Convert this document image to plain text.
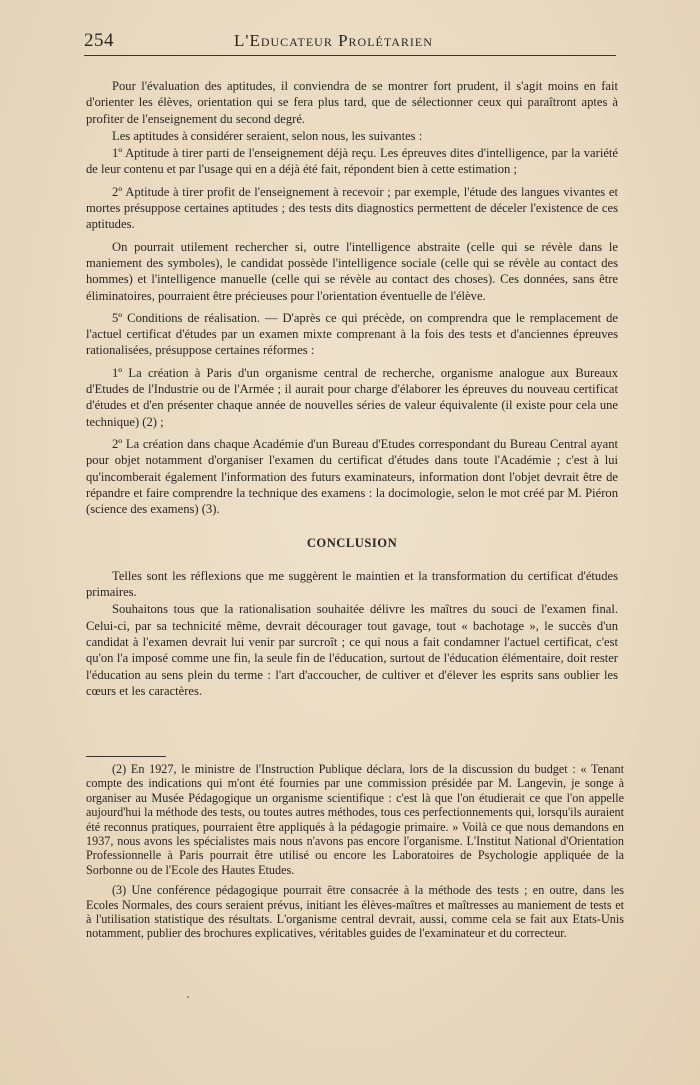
254	L'Educateur Prolétarien

Pour l'évaluation des aptitudes, il conviendra de se montrer fort prudent, il s'agit moins en fait d'orienter les élèves, orientation qui se fera plus tard, que de sélectionner ceux qui paraîtront aptes à profiter de l'enseignement du second degré.

Les aptitudes à considérer seraient, selon nous, les suivantes :

1º Aptitude à tirer parti de l'enseignement déjà reçu. Les épreuves dites d'intelligence, par la variété de leur contenu et par l'usage qui en a déjà été fait, répondent bien à cette estimation ;

2º Aptitude à tirer profit de l'enseignement à recevoir ; par exemple, l'étude des langues vivantes et mortes présuppose certaines aptitudes ; des tests dits diagnostics permettent de déceler l'existence de ces aptitudes.

On pourrait utilement rechercher si, outre l'intelligence abstraite (celle qui se révèle dans le maniement des symboles), le candidat possède l'intelligence sociale (celle qui se révèle au contact des hommes) et l'intelligence manuelle (celle qui se révèle au contact des choses). Ces données, sans être éliminatoires, pourraient être précieuses pour l'orientation éventuelle de l'élève.

5º Conditions de réalisation. — D'après ce qui précède, on comprendra que le remplacement de l'actuel certificat d'études par un examen mixte comprenant à la fois des tests et d'anciennes épreuves rationalisées, présuppose certaines réformes :

1º La création à Paris d'un organisme central de recherche, organisme analogue aux Bureaux d'Etudes de l'Industrie ou de l'Armée ; il aurait pour charge d'élaborer les épreuves du nouveau certificat d'études et d'en présenter chaque année de nouvelles séries de valeur équivalente (il existe pour cela une technique) (2) ;

2º La création dans chaque Académie d'un Bureau d'Etudes correspondant du Bureau Central ayant pour objet notamment d'organiser l'examen du certificat d'études dans toute l'Académie ; c'est à lui qu'incomberait également l'information des futurs examinateurs, information dont l'objet devrait être de répandre et faire comprendre la technique des examens : la docimologie, selon le mot créé par M. Piéron (science des examens) (3).

CONCLUSION

Telles sont les réflexions que me suggèrent le maintien et la transformation du certificat d'études primaires.

Souhaitons tous que la rationalisation souhaitée délivre les maîtres du souci de l'examen final. Celui-ci, par sa technicité même, devrait décourager tout gavage, tout « bachotage », le succès d'un candidat à l'examen devrait lui venir par surcroît ; ce qui nous a fait condamner l'actuel certificat, c'est qu'on l'a imposé comme une fin, la seule fin de l'éducation, surtout de l'éducation élémentaire, doit rester l'éducation au sens plein du terme : l'art d'accoucher, de cultiver et d'élever les esprits sans oublier les cœurs et les caractères.

(2) En 1927, le ministre de l'Instruction Publique déclara, lors de la discussion du budget : « Tenant compte des indications qui m'ont été fournies par une commission présidée par M. Langevin, je songe à organiser au Musée Pédagogique un organisme scientifique : c'est là que l'on étudierait ce que l'on appelle aujourd'hui la méthode des tests, ou toutes autres méthodes, tous ces perfectionnements qui, lorsqu'ils auraient été reconnus pratiques, pourraient être appliqués à la pédagogie primaire. » Voilà ce que nous demandons en 1937, nous avons les spécialistes mais nous n'avons pas encore l'organisme. L'Institut National d'Orientation Professionnelle à Paris pourrait être utilisé ou encore les Laboratoires de Psychologie appliquée de la Sorbonne ou de l'Ecole des Hautes Etudes.

(3) Une conférence pédagogique pourrait être consacrée à la méthode des tests ; en outre, dans les Ecoles Normales, des cours seraient prévus, initiant les élèves-maîtres et maîtresses au maniement de tests et à l'utilisation statistique des résultats. L'organisme central devrait, aussi, comme cela se fait aux Etats-Unis notamment, publier des brochures explicatives, véritables guides de l'examinateur et du correcteur.
